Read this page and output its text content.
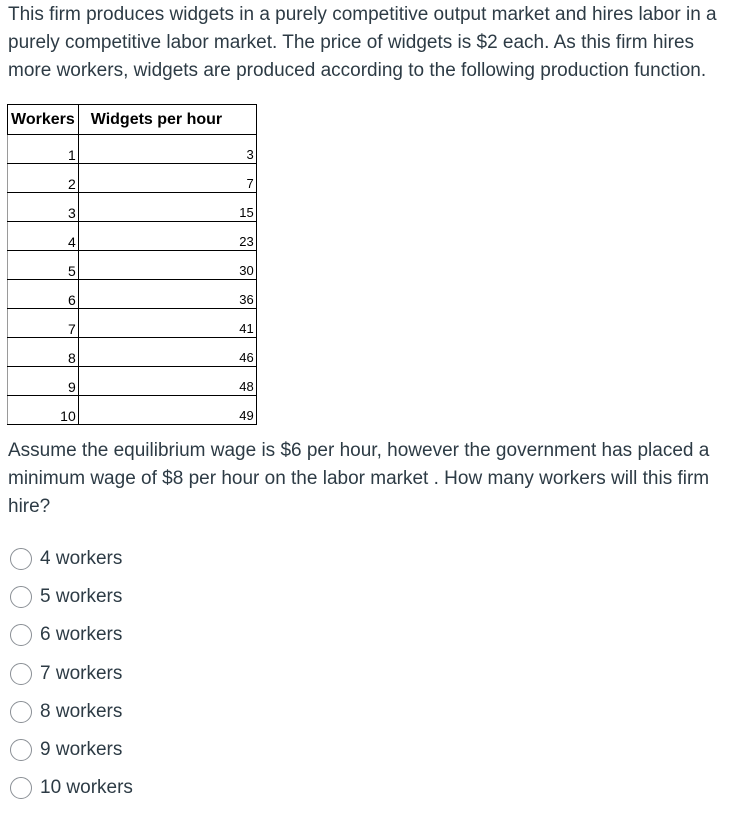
This firm produces widgets in a purely competitive output market and hires labor in a purely competitive labor market. The price of widgets is $2 each. As this firm hires more workers, widgets are produced according to the following production function.

Workers	Widgets per hour
1	3
2	7
3	15
4	23
5	30
6	36
7	41
8	46
9	48
10	49

Assume the equilibrium wage is $6 per hour, however the government has placed a minimum wage of $8 per hour on the labor market . How many workers will this firm hire?

4 workers
5 workers
6 workers
7 workers
8 workers
9 workers
10 workers
